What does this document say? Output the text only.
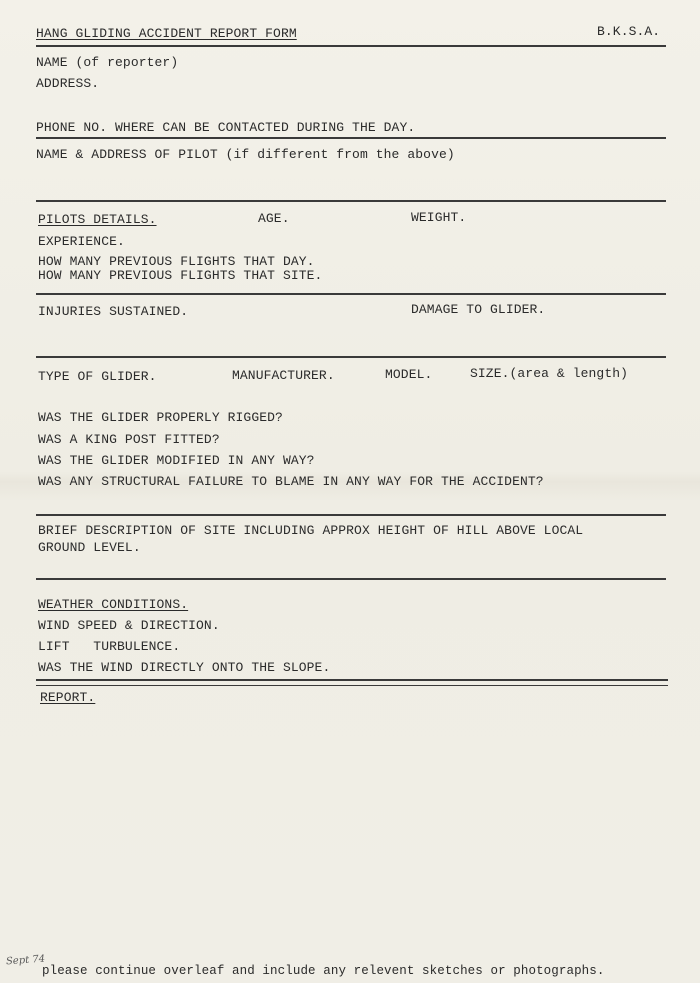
HANG GLIDING ACCIDENT REPORT FORM	B.K.S.A.
NAME (of reporter)
ADDRESS.
PHONE NO. WHERE CAN BE CONTACTED DURING THE DAY.
NAME & ADDRESS OF PILOT (if different from the above)
PILOTS DETAILS.	AGE.	WEIGHT.
EXPERIENCE.
HOW MANY PREVIOUS FLIGHTS THAT DAY.
HOW MANY PREVIOUS FLIGHTS THAT SITE.
INJURIES SUSTAINED.	DAMAGE TO GLIDER.
TYPE OF GLIDER.	MANUFACTURER.	MODEL.	SIZE.(area & length)
WAS THE GLIDER PROPERLY RIGGED?
WAS A KING POST FITTED?
WAS THE GLIDER MODIFIED IN ANY WAY?
WAS ANY STRUCTURAL FAILURE TO BLAME IN ANY WAY FOR THE ACCIDENT?
BRIEF DESCRIPTION OF SITE INCLUDING APPROX HEIGHT OF HILL ABOVE LOCAL
GROUND LEVEL.
WEATHER CONDITIONS.
WIND SPEED & DIRECTION.
LIFT   TURBULENCE.
WAS THE WIND DIRECTLY ONTO THE SLOPE.
REPORT.
Sept 74
please continue overleaf and include any relevent sketches or photographs.
